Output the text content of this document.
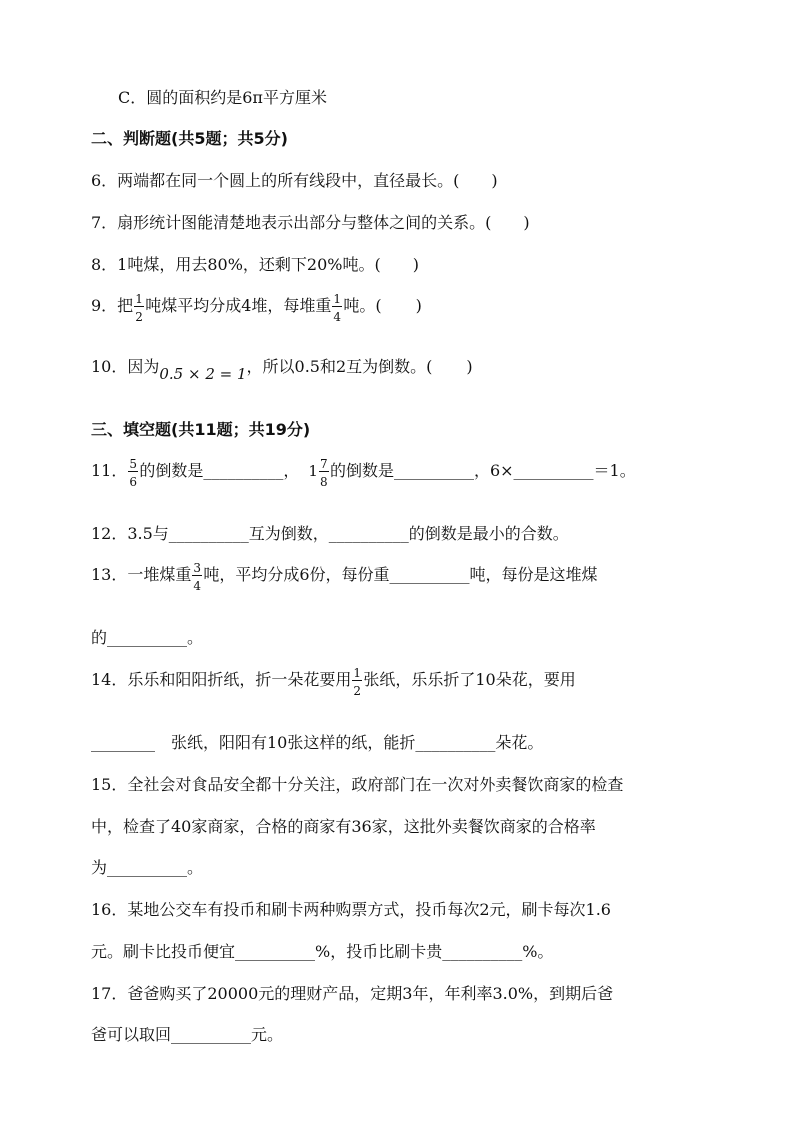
C．圆的面积约是6π平方厘米
二、判断题(共5题；共5分)
6．两端都在同一个圆上的所有线段中，直径最长。(　　)
7．扇形统计图能清楚地表示出部分与整体之间的关系。(　　)
8．1吨煤，用去80%，还剩下20%吨。(　　)
9．把 $\frac{1}{2}$ 吨煤平均分成4堆，每堆重 $\frac{1}{4}$ 吨。( )
10．因为0.5 × 2 = 1，所以0.5和2互为倒数。( )
三、填空题(共11题；共19分)
11． $\frac{5}{6}$ 的倒数是__________， $1 \frac{7}{8}$ 的倒数是__________，6×__________＝1。
12．3.5与__________互为倒数，__________的倒数是最小的合数。
13．一堆煤重 $\frac{3}{4}$ 吨，平均分成6份，每份重__________吨，每份是这堆煤
的__________。
14．乐乐和阳阳折纸，折一朵花要用 $\frac{1}{2}$ 张纸，乐乐折了10朵花，要用
________　张纸，阳阳有10张这样的纸，能折__________朵花。
15．全社会对食品安全都十分关注，政府部门在一次对外卖餐饮商家的检查
中，检查了40家商家，合格的商家有36家，这批外卖餐饮商家的合格率
为__________。
16．某地公交车有投币和刷卡两种购票方式，投币每次2元，刷卡每次1.6
元。刷卡比投币便宜__________%，投币比刷卡贵__________%。
17．爸爸购买了20000元的理财产品，定期3年，年利率3.0%，到期后爸
爸可以取回__________元。
